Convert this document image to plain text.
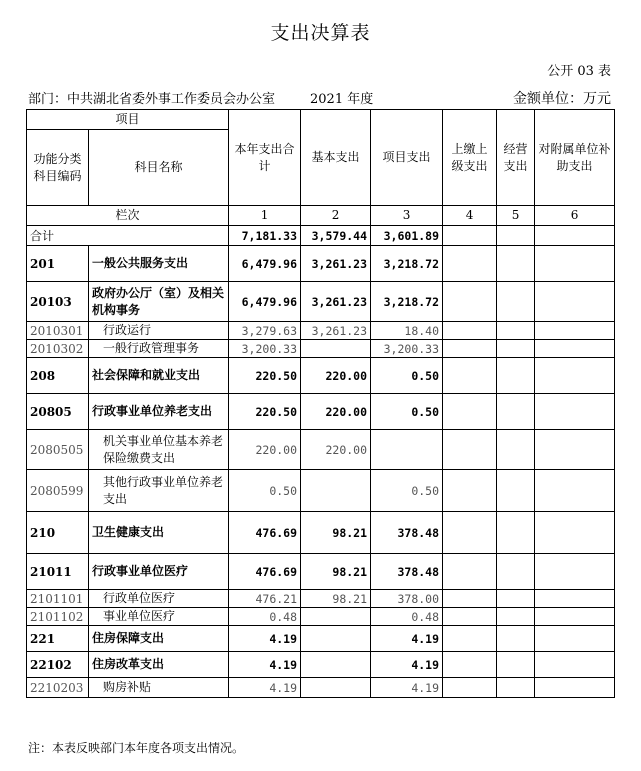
支出决算表
公开 03 表
部门：中共湖北省委外事工作委员会办公室	2021 年度	金额单位：万元
项目		本年支出合计	基本支出	项目支出	上缴上级支出	经营支出	对附属单位补助支出
功能分类科目编码	科目名称						
栏次		1	2	3	4	5	6
合计		7,181.33	3,579.44	3,601.89			
201	一般公共服务支出	6,479.96	3,261.23	3,218.72			
20103	政府办公厅（室）及相关机构事务	6,479.96	3,261.23	3,218.72			
2010301	行政运行	3,279.63	3,261.23	18.40			
2010302	一般行政管理事务	3,200.33		3,200.33			
208	社会保障和就业支出	220.50	220.00	0.50			
20805	行政事业单位养老支出	220.50	220.00	0.50			
2080505	机关事业单位基本养老保险缴费支出	220.00	220.00				
2080599	其他行政事业单位养老支出	0.50		0.50			
210	卫生健康支出	476.69	98.21	378.48			
21011	行政事业单位医疗	476.69	98.21	378.48			
2101101	行政单位医疗	476.21	98.21	378.00			
2101102	事业单位医疗	0.48		0.48			
221	住房保障支出	4.19		4.19			
22102	住房改革支出	4.19		4.19			
2210203	购房补贴	4.19		4.19			
注：本表反映部门本年度各项支出情况。
